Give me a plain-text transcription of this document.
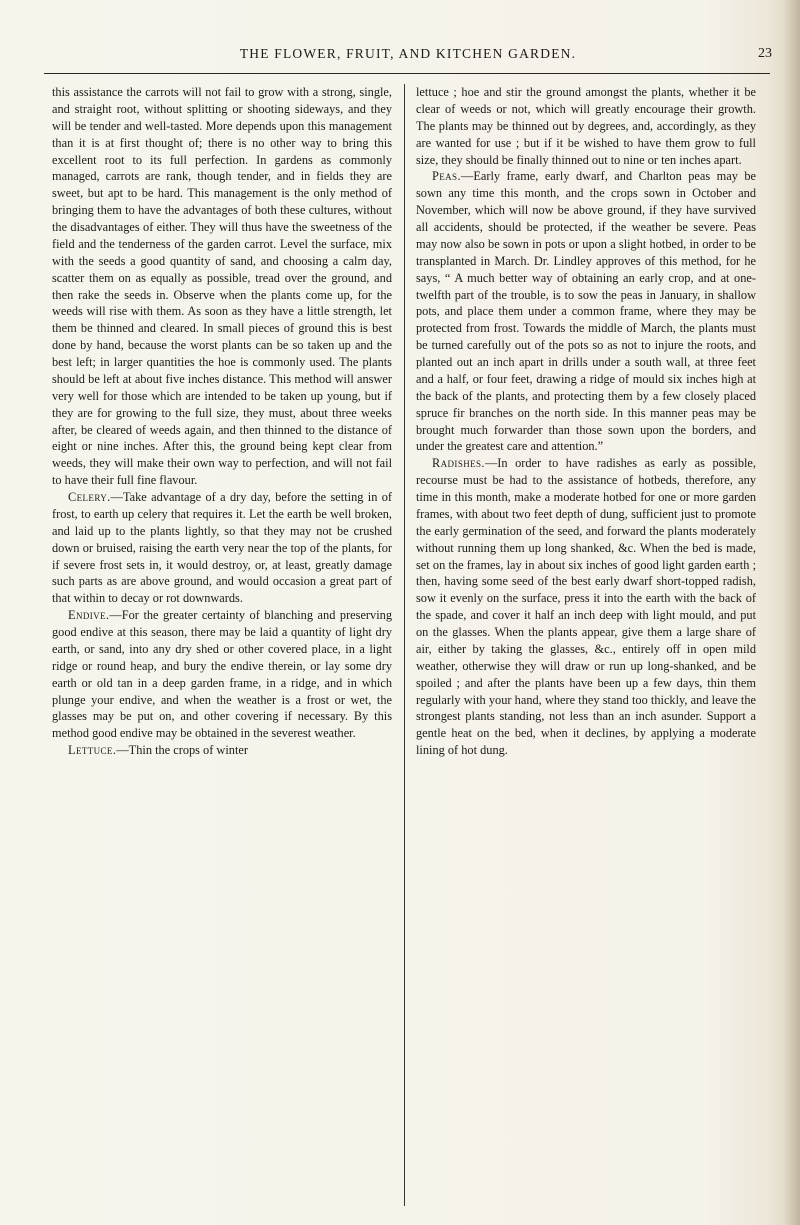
THE FLOWER, FRUIT, AND KITCHEN GARDEN.	23

this assistance the carrots will not fail to grow with a strong, single, and straight root, without splitting or shooting sideways, and they will be tender and well-tasted. More depends upon this management than it is at first thought of; there is no other way to bring this excellent root to its full perfection. In gardens as commonly managed, carrots are rank, though tender, and in fields they are sweet, but apt to be hard. This management is the only method of bringing them to have the advantages of both these cultures, without the disadvantages of either. They will thus have the sweetness of the field and the tenderness of the garden carrot. Level the surface, mix with the seeds a good quantity of sand, and choosing a calm day, scatter them on as equally as possible, tread over the ground, and then rake the seeds in. Observe when the plants come up, for the weeds will rise with them. As soon as they have a little strength, let them be thinned and cleared. In small pieces of ground this is best done by hand, because the worst plants can be so taken up and the best left; in larger quantities the hoe is commonly used. The plants should be left at about five inches distance. This method will answer very well for those which are intended to be taken up young, but if they are for growing to the full size, they must, about three weeks after, be cleared of weeds again, and then thinned to the distance of eight or nine inches. After this, the ground being kept clear from weeds, they will make their own way to perfection, and will not fail to have their full fine flavour.

Celery.—Take advantage of a dry day, before the setting in of frost, to earth up celery that requires it. Let the earth be well broken, and laid up to the plants lightly, so that they may not be crushed down or bruised, raising the earth very near the top of the plants, for if severe frost sets in, it would destroy, or, at least, greatly damage such parts as are above ground, and would occasion a great part of that within to decay or rot downwards.

Endive.—For the greater certainty of blanching and preserving good endive at this season, there may be laid a quantity of light dry earth, or sand, into any dry shed or other covered place, in a light ridge or round heap, and bury the endive therein, or lay some dry earth or old tan in a deep garden frame, in a ridge, and in which plunge your endive, and when the weather is a frost or wet, the glasses may be put on, and other covering if necessary. By this method good endive may be obtained in the severest weather.

Lettuce.—Thin the crops of winter

lettuce ; hoe and stir the ground amongst the plants, whether it be clear of weeds or not, which will greatly encourage their growth. The plants may be thinned out by degrees, and, accordingly, as they are wanted for use ; but if it be wished to have them grow to full size, they should be finally thinned out to nine or ten inches apart.

Peas.—Early frame, early dwarf, and Charlton peas may be sown any time this month, and the crops sown in October and November, which will now be above ground, if they have survived all accidents, should be protected, if the weather be severe. Peas may now also be sown in pots or upon a slight hotbed, in order to be transplanted in March. Dr. Lindley approves of this method, for he says, “ A much better way of obtaining an early crop, and at one-twelfth part of the trouble, is to sow the peas in January, in shallow pots, and place them under a common frame, where they may be protected from frost. Towards the middle of March, the plants must be turned carefully out of the pots so as not to injure the roots, and planted out an inch apart in drills under a south wall, at three feet and a half, or four feet, drawing a ridge of mould six inches high at the back of the plants, and protecting them by a few closely placed spruce fir branches on the north side. In this manner peas may be brought much forwarder than those sown upon the borders, and under the greatest care and attention.”

Radishes.—In order to have radishes as early as possible, recourse must be had to the assistance of hotbeds, therefore, any time in this month, make a moderate hotbed for one or more garden frames, with about two feet depth of dung, sufficient just to promote the early germination of the seed, and forward the plants moderately without running them up long shanked, &c. When the bed is made, set on the frames, lay in about six inches of good light garden earth ; then, having some seed of the best early dwarf short-topped radish, sow it evenly on the surface, press it into the earth with the back of the spade, and cover it half an inch deep with light mould, and put on the glasses. When the plants appear, give them a large share of air, either by taking the glasses, &c., entirely off in open mild weather, otherwise they will draw or run up long-shanked, and be spoiled ; and after the plants have been up a few days, thin them regularly with your hand, where they stand too thickly, and leave the strongest plants standing, not less than an inch asunder. Support a gentle heat on the bed, when it declines, by applying a moderate lining of hot dung.
